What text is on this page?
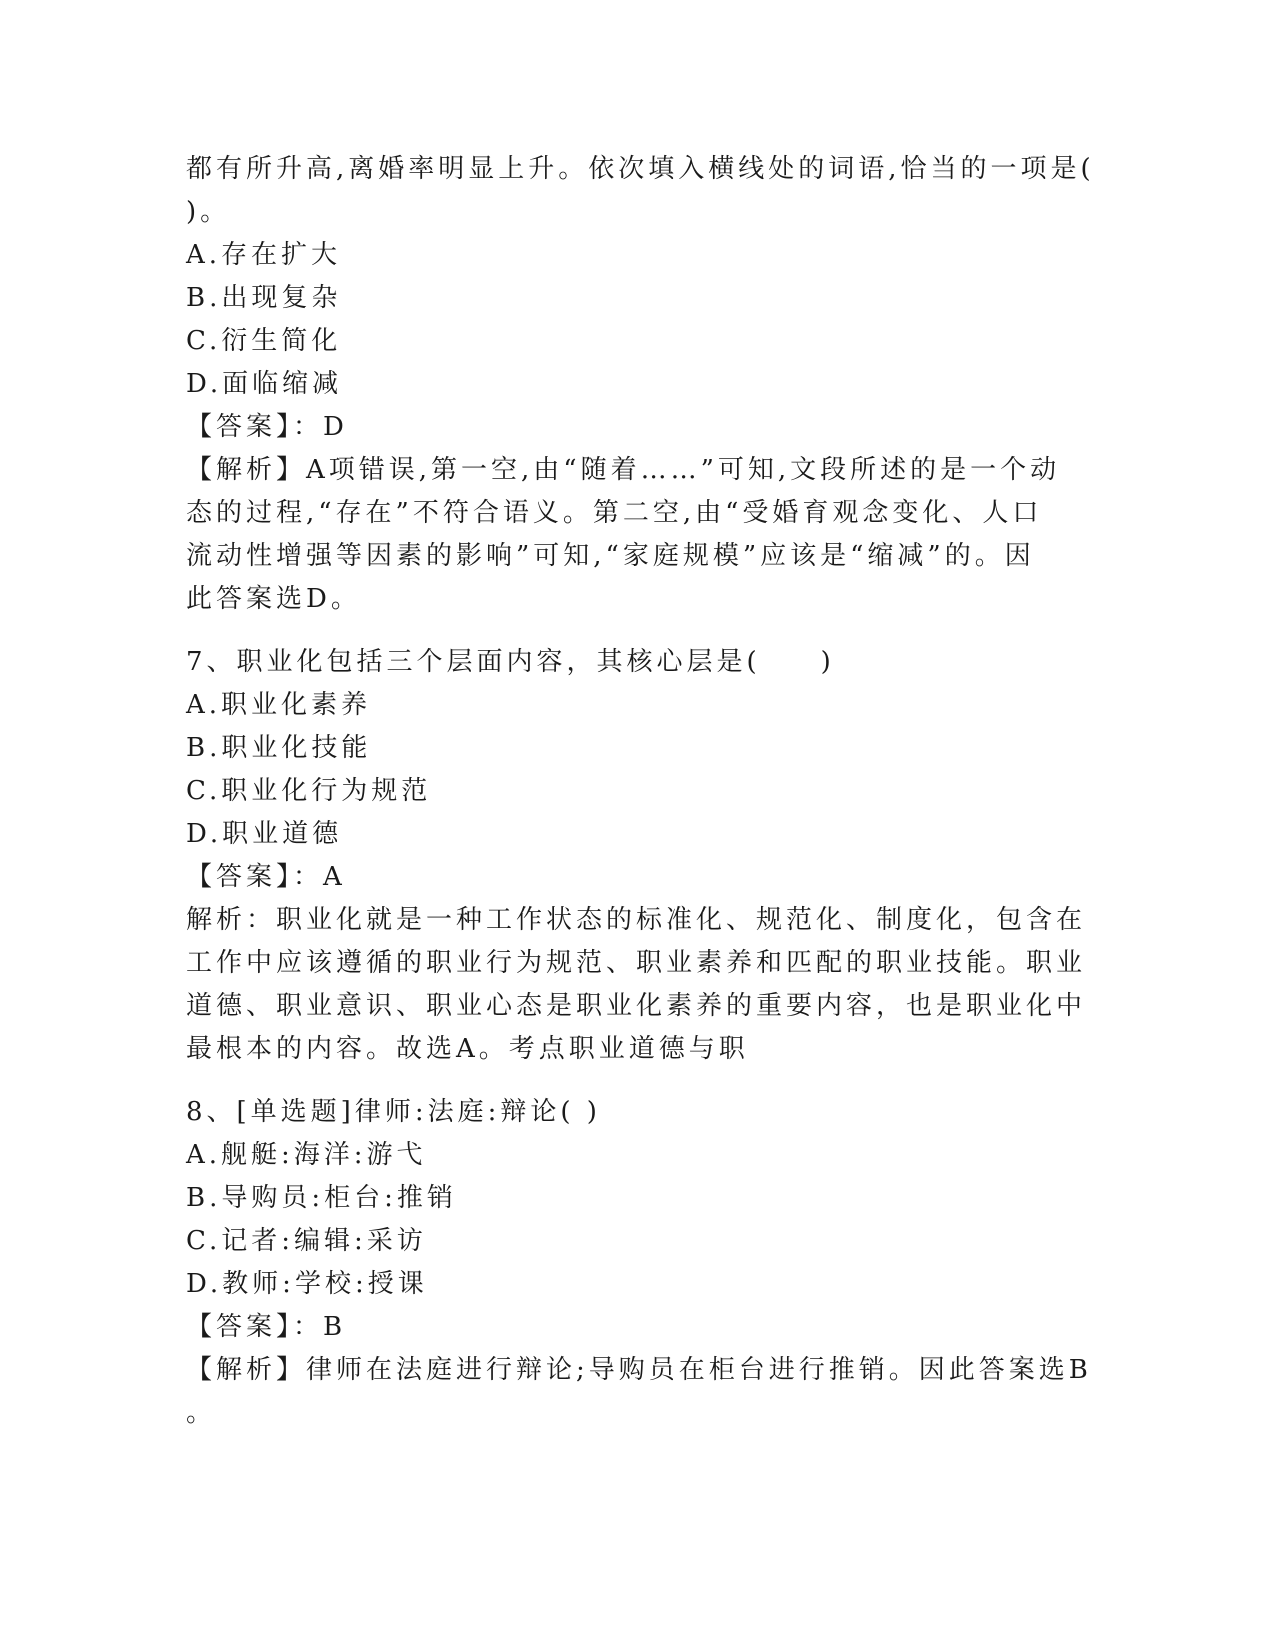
都有所升高,离婚率明显上升。依次填入横线处的词语,恰当的一项是(
)。
A.存在扩大
B.出现复杂
C.衍生简化
D.面临缩减
【答案】：D
【解析】A项错误,第一空,由“随着……”可知,文段所述的是一个动
态的过程,“存在”不符合语义。第二空,由“受婚育观念变化、人口
流动性增强等因素的影响”可知,“家庭规模”应该是“缩减”的。因
此答案选D。
7、职业化包括三个层面内容，其核心层是(　　)
A.职业化素养
B.职业化技能
C.职业化行为规范
D.职业道德
【答案】：A
解析：职业化就是一种工作状态的标准化、规范化、制度化，包含在
工作中应该遵循的职业行为规范、职业素养和匹配的职业技能。职业
道德、职业意识、职业心态是职业化素养的重要内容，也是职业化中
最根本的内容。故选A。考点职业道德与职
8、[单选题]律师:法庭:辩论( )
A.舰艇:海洋:游弋
B.导购员:柜台:推销
C.记者:编辑:采访
D.教师:学校:授课
【答案】：B
【解析】律师在法庭进行辩论;导购员在柜台进行推销。因此答案选B
。
